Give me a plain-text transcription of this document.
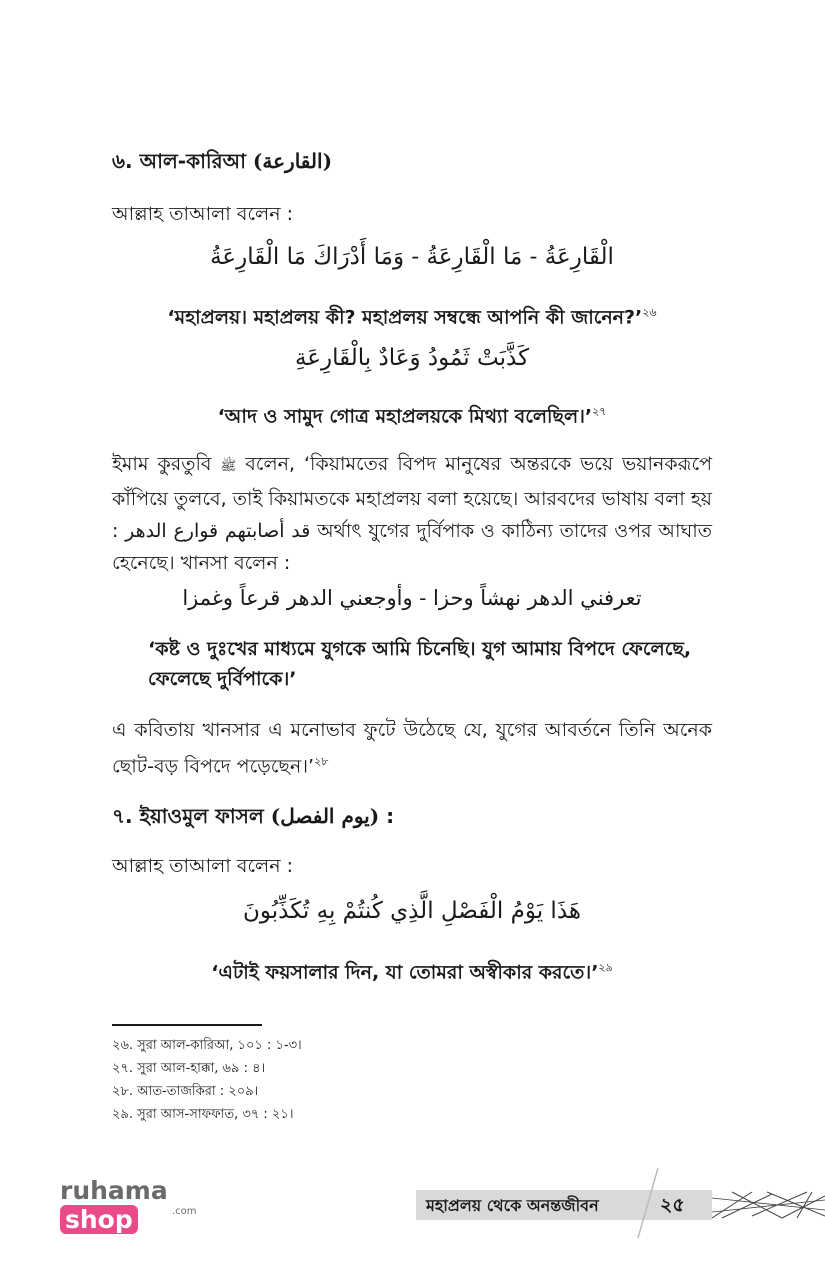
৬. আল-কারিআ (القارعة)
আল্লাহ তাআলা বলেন :
الْقَارِعَةُ - مَا الْقَارِعَةُ - وَمَا أَدْرَاكَ مَا الْقَارِعَةُ
‘মহাপ্রলয়। মহাপ্রলয় কী? মহাপ্রলয় সম্বন্ধে আপনি কী জানেন?’$^{২৬}$
كَذَّبَتْ ثَمُودُ وَعَادٌ بِالْقَارِعَةِ
‘আদ ও সামুদ গোত্র মহাপ্রলয়কে মিথ্যা বলেছিল।’$^{২৭}$
ইমাম কুরতুবি ﷺ বলেন, ‘কিয়ামতের বিপদ মানুষের অন্তরকে ভয়ে ভয়ানকরূপে কাঁপিয়ে তুলবে, তাই কিয়ামতকে মহাপ্রলয় বলা হয়েছে। আরবদের ভাষায় বলা হয় : قد أصابتهم قوارع الدهر অর্থাৎ যুগের দুর্বিপাক ও কাঠিন্য তাদের ওপর আঘাত হেনেছে। খানসা বলেন :
تعرفني الدهر نهشاً وحزا - وأوجعني الدهر قرعاً وغمزا
‘কষ্ট ও দুঃখের মাধ্যমে যুগকে আমি চিনেছি। যুগ আমায় বিপদে ফেলেছে, ফেলেছে দুর্বিপাকে।’
এ কবিতায় খানসার এ মনোভাব ফুটে উঠেছে যে, যুগের আবর্তনে তিনি অনেক ছোট-বড় বিপদে পড়েছেন।’$^{২৮}$
৭. ইয়াওমুল ফাসল (يوم الفصل) :
আল্লাহ তাআলা বলেন :
هَذَا يَوْمُ الْفَصْلِ الَّذِي كُنتُمْ بِهِ تُكَذِّبُونَ
‘এটাই ফয়সালার দিন, যা তোমরা অস্বীকার করতে।’$^{২৯}$
২৬. সুরা আল-কারিআ, ১০১ : ১-৩।
২৭. সুরা আল-হাক্কা, ৬৯ : ৪।
২৮. আত-তাজকিরা : ২০৯।
২৯. সুরা আস-সাফফাত, ৩৭ : ২১।
ruhamashop	.com	মহাপ্রলয় থেকে অনন্তজীবন	২৫
